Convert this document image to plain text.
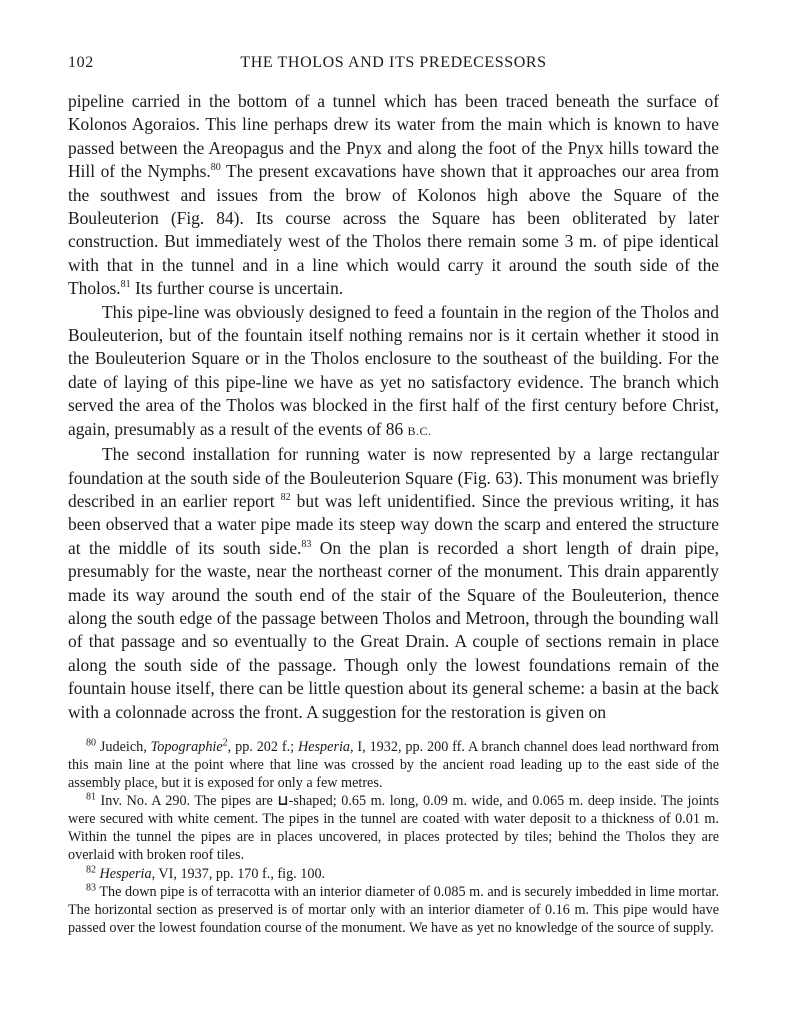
102	THE THOLOS AND ITS PREDECESSORS

pipeline carried in the bottom of a tunnel which has been traced beneath the surface of Kolonos Agoraios. This line perhaps drew its water from the main which is known to have passed between the Areopagus and the Pnyx and along the foot of the Pnyx hills toward the Hill of the Nymphs.$^{80}$ The present excavations have shown that it approaches our area from the southwest and issues from the brow of Kolonos high above the Square of the Bouleuterion (Fig. 84). Its course across the Square has been obliterated by later construction. But immediately west of the Tholos there remain some 3 m. of pipe identical with that in the tunnel and in a line which would carry it around the south side of the Tholos.$^{81}$ Its further course is uncertain.

This pipe-line was obviously designed to feed a fountain in the region of the Tholos and Bouleuterion, but of the fountain itself nothing remains nor is it certain whether it stood in the Bouleuterion Square or in the Tholos enclosure to the southeast of the building. For the date of laying of this pipe-line we have as yet no satisfactory evidence. The branch which served the area of the Tholos was blocked in the first half of the first century before Christ, again, presumably as a result of the events of 86 B.C.

The second installation for running water is now represented by a large rectangular foundation at the south side of the Bouleuterion Square (Fig. 63). This monument was briefly described in an earlier report $^{82}$ but was left unidentified. Since the previous writing, it has been observed that a water pipe made its steep way down the scarp and entered the structure at the middle of its south side.$^{83}$ On the plan is recorded a short length of drain pipe, presumably for the waste, near the northeast corner of the monument. This drain apparently made its way around the south end of the stair of the Square of the Bouleuterion, thence along the south edge of the passage between Tholos and Metroon, through the bounding wall of that passage and so eventually to the Great Drain. A couple of sections remain in place along the south side of the passage. Though only the lowest foundations remain of the fountain house itself, there can be little question about its general scheme: a basin at the back with a colonnade across the front. A suggestion for the restoration is given on

$^{80}$ Judeich, Topographie$^2$, pp. 202 f.; Hesperia, I, 1932, pp. 200 ff. A branch channel does lead northward from this main line at the point where that line was crossed by the ancient road leading up to the east side of the assembly place, but it is exposed for only a few metres.

$^{81}$ Inv. No. A 290. The pipes are ⊔-shaped; 0.65 m. long, 0.09 m. wide, and 0.065 m. deep inside. The joints were secured with white cement. The pipes in the tunnel are coated with water deposit to a thickness of 0.01 m. Within the tunnel the pipes are in places uncovered, in places protected by tiles; behind the Tholos they are overlaid with broken roof tiles.

$^{82}$ Hesperia, VI, 1937, pp. 170 f., fig. 100.

$^{83}$ The down pipe is of terracotta with an interior diameter of 0.085 m. and is securely imbedded in lime mortar. The horizontal section as preserved is of mortar only with an interior diameter of 0.16 m. This pipe would have passed over the lowest foundation course of the monument. We have as yet no knowledge of the source of supply.
